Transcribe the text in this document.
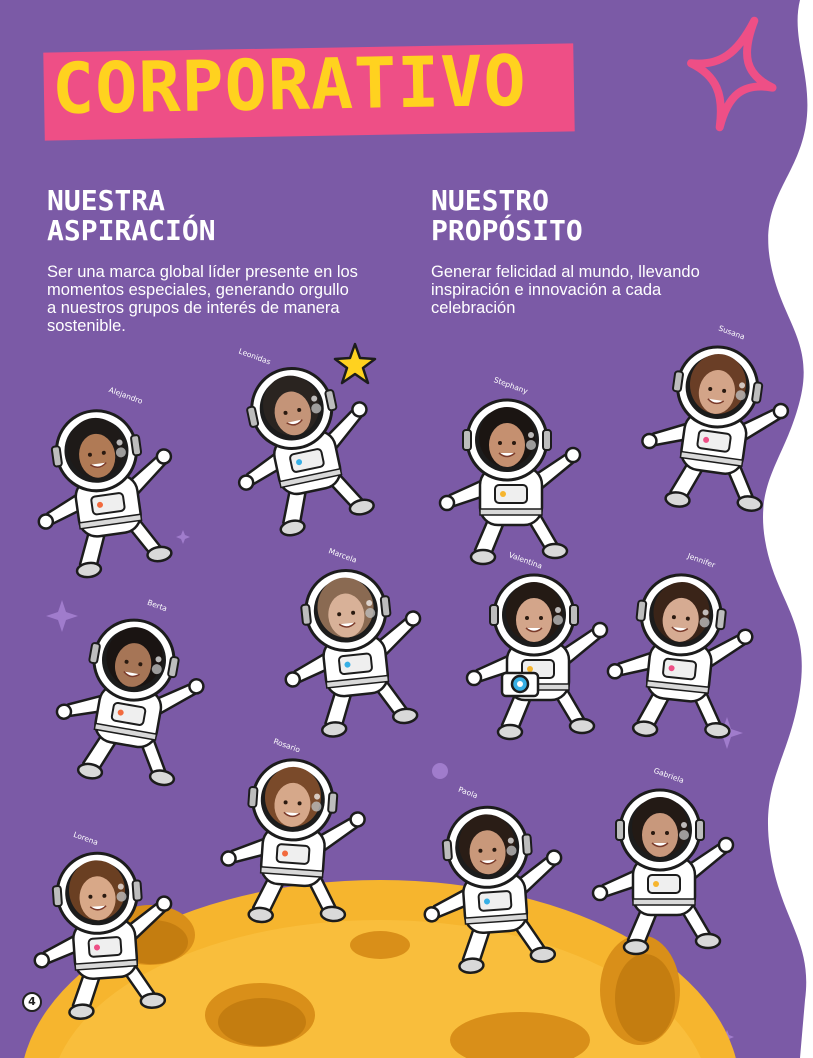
CORPORATIVO
NUESTRA
ASPIRACIÓN
Ser una marca global líder presente en los
momentos especiales, generando orgullo
a nuestros grupos de interés de manera
sostenible.
NUESTRO
PROPÓSITO
Generar felicidad al mundo, llevando
inspiración e innovación a cada
celebración
Alejandro
Leonidas
Stephany
Susana
Berta
Marcela	Valentina	Jennifer
Rosario
Paola
Gabriela
Lorena
4
